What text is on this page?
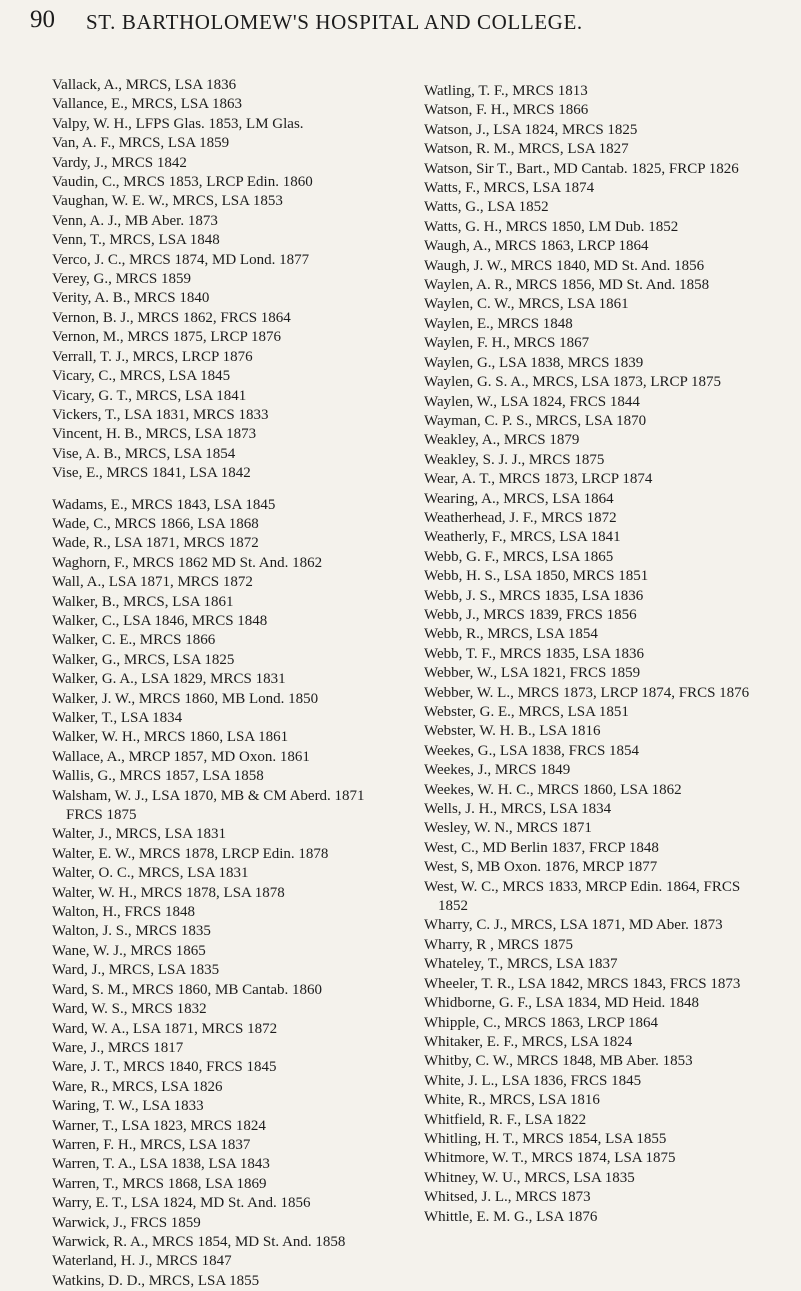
90 ST. BARTHOLOMEW'S HOSPITAL AND COLLEGE.

Vallack, A., MRCS, LSA 1836

Vallance, E., MRCS, LSA 1863

Valpy, W. H., LFPS Glas. 1853, LM Glas.

Van, A. F., MRCS, LSA 1859

Vardy, J., MRCS 1842

Vaudin, C., MRCS 1853, LRCP Edin. 1860

Vaughan, W. E. W., MRCS, LSA 1853

Venn, A. J., MB Aber. 1873

Venn, T., MRCS, LSA 1848

Verco, J. C., MRCS 1874, MD Lond. 1877

Verey, G., MRCS 1859

Verity, A. B., MRCS 1840

Vernon, B. J., MRCS 1862, FRCS 1864

Vernon, M., MRCS 1875, LRCP 1876

Verrall, T. J., MRCS, LRCP 1876

Vicary, C., MRCS, LSA 1845

Vicary, G. T., MRCS, LSA 1841

Vickers, T., LSA 1831, MRCS 1833

Vincent, H. B., MRCS, LSA 1873

Vise, A. B., MRCS, LSA 1854

Vise, E., MRCS 1841, LSA 1842

Wadams, E., MRCS 1843, LSA 1845

Wade, C., MRCS 1866, LSA 1868

Wade, R., LSA 1871, MRCS 1872

Waghorn, F., MRCS 1862 MD St. And. 1862

Wall, A., LSA 1871, MRCS 1872

Walker, B., MRCS, LSA 1861

Walker, C., LSA 1846, MRCS 1848

Walker, C. E., MRCS 1866

Walker, G., MRCS, LSA 1825

Walker, G. A., LSA 1829, MRCS 1831

Walker, J. W., MRCS 1860, MB Lond. 1850

Walker, T., LSA 1834

Walker, W. H., MRCS 1860, LSA 1861

Wallace, A., MRCP 1857, MD Oxon. 1861

Wallis, G., MRCS 1857, LSA 1858

Walsham, W. J., LSA 1870, MB & CM Aberd. 1871 FRCS 1875

Walter, J., MRCS, LSA 1831

Walter, E. W., MRCS 1878, LRCP Edin. 1878

Walter, O. C., MRCS, LSA 1831

Walter, W. H., MRCS 1878, LSA 1878

Walton, H., FRCS 1848

Walton, J. S., MRCS 1835

Wane, W. J., MRCS 1865

Ward, J., MRCS, LSA 1835

Ward, S. M., MRCS 1860, MB Cantab. 1860

Ward, W. S., MRCS 1832

Ward, W. A., LSA 1871, MRCS 1872

Ware, J., MRCS 1817

Ware, J. T., MRCS 1840, FRCS 1845

Ware, R., MRCS, LSA 1826

Waring, T. W., LSA 1833

Warner, T., LSA 1823, MRCS 1824

Warren, F. H., MRCS, LSA 1837

Warren, T. A., LSA 1838, LSA 1843

Warren, T., MRCS 1868, LSA 1869

Warry, E. T., LSA 1824, MD St. And. 1856

Warwick, J., FRCS 1859

Warwick, R. A., MRCS 1854, MD St. And. 1858

Waterland, H. J., MRCS 1847

Watkins, D. D., MRCS, LSA 1855

Watling, T. F., MRCS 1813

Watson, F. H., MRCS 1866

Watson, J., LSA 1824, MRCS 1825

Watson, R. M., MRCS, LSA 1827

Watson, Sir T., Bart., MD Cantab. 1825, FRCP 1826

Watts, F., MRCS, LSA 1874

Watts, G., LSA 1852

Watts, G. H., MRCS 1850, LM Dub. 1852

Waugh, A., MRCS 1863, LRCP 1864

Waugh, J. W., MRCS 1840, MD St. And. 1856

Waylen, A. R., MRCS 1856, MD St. And. 1858

Waylen, C. W., MRCS, LSA 1861

Waylen, E., MRCS 1848

Waylen, F. H., MRCS 1867

Waylen, G., LSA 1838, MRCS 1839

Waylen, G. S. A., MRCS, LSA 1873, LRCP 1875

Waylen, W., LSA 1824, FRCS 1844

Wayman, C. P. S., MRCS, LSA 1870

Weakley, A., MRCS 1879

Weakley, S. J. J., MRCS 1875

Wear, A. T., MRCS 1873, LRCP 1874

Wearing, A., MRCS, LSA 1864

Weatherhead, J. F., MRCS 1872

Weatherly, F., MRCS, LSA 1841

Webb, G. F., MRCS, LSA 1865

Webb, H. S., LSA 1850, MRCS 1851

Webb, J. S., MRCS 1835, LSA 1836

Webb, J., MRCS 1839, FRCS 1856

Webb, R., MRCS, LSA 1854

Webb, T. F., MRCS 1835, LSA 1836

Webber, W., LSA 1821, FRCS 1859

Webber, W. L., MRCS 1873, LRCP 1874, FRCS 1876

Webster, G. E., MRCS, LSA 1851

Webster, W. H. B., LSA 1816

Weekes, G., LSA 1838, FRCS 1854

Weekes, J., MRCS 1849

Weekes, W. H. C., MRCS 1860, LSA 1862

Wells, J. H., MRCS, LSA 1834

Wesley, W. N., MRCS 1871

West, C., MD Berlin 1837, FRCP 1848

West, S, MB Oxon. 1876, MRCP 1877

West, W. C., MRCS 1833, MRCP Edin. 1864, FRCS 1852

Wharry, C. J., MRCS, LSA 1871, MD Aber. 1873

Wharry, R , MRCS 1875

Whateley, T., MRCS, LSA 1837

Wheeler, T. R., LSA 1842, MRCS 1843, FRCS 1873

Whidborne, G. F., LSA 1834, MD Heid. 1848

Whipple, C., MRCS 1863, LRCP 1864

Whitaker, E. F., MRCS, LSA 1824

Whitby, C. W., MRCS 1848, MB Aber. 1853

White, J. L., LSA 1836, FRCS 1845

White, R., MRCS, LSA 1816

Whitfield, R. F., LSA 1822

Whitling, H. T., MRCS 1854, LSA 1855

Whitmore, W. T., MRCS 1874, LSA 1875

Whitney, W. U., MRCS, LSA 1835

Whitsed, J. L., MRCS 1873

Whittle, E. M. G., LSA 1876
